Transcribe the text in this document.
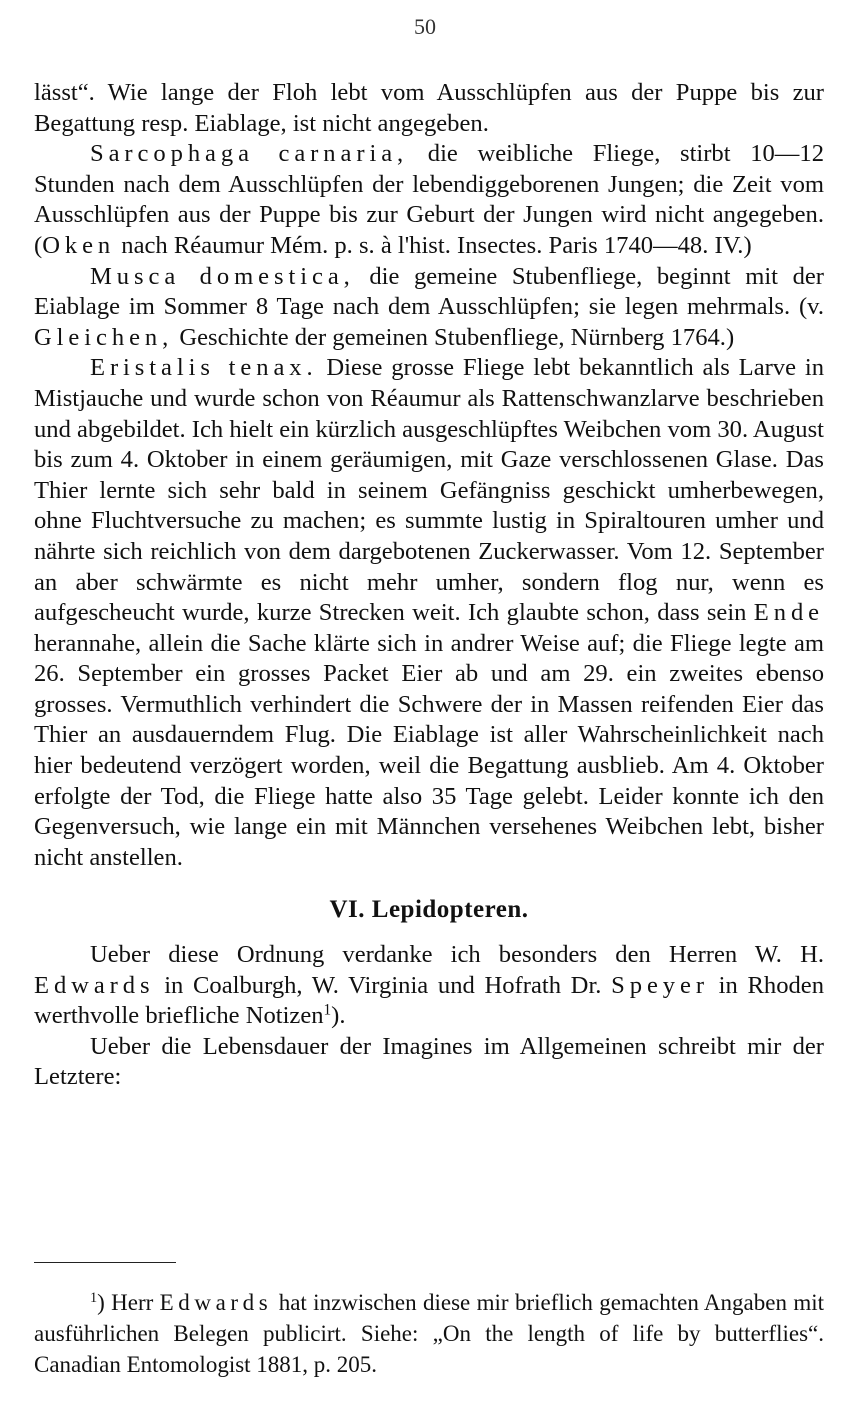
50

lässt“. Wie lange der Floh lebt vom Ausschlüpfen aus der Puppe bis zur Begattung resp. Eiablage, ist nicht angegeben.

Sarcophaga carnaria, die weibliche Fliege, stirbt 10—12 Stunden nach dem Ausschlüpfen der lebendiggeborenen Jungen; die Zeit vom Ausschlüpfen aus der Puppe bis zur Geburt der Jungen wird nicht angegeben. (Oken nach Réaumur Mém. p. s. à l'hist. Insectes. Paris 1740—48. IV.)

Musca domestica, die gemeine Stubenfliege, beginnt mit der Eiablage im Sommer 8 Tage nach dem Ausschlüpfen; sie legen mehrmals. (v. Gleichen, Geschichte der gemeinen Stubenfliege, Nürnberg 1764.)

Eristalis tenax. Diese grosse Fliege lebt bekanntlich als Larve in Mistjauche und wurde schon von Réaumur als Rattenschwanzlarve beschrieben und abgebildet. Ich hielt ein kürzlich ausgeschlüpftes Weibchen vom 30. August bis zum 4. Oktober in einem geräumigen, mit Gaze verschlossenen Glase. Das Thier lernte sich sehr bald in seinem Gefängniss geschickt umherbewegen, ohne Fluchtversuche zu machen; es summte lustig in Spiraltouren umher und nährte sich reichlich von dem dargebotenen Zuckerwasser. Vom 12. September an aber schwärmte es nicht mehr umher, sondern flog nur, wenn es aufgescheucht wurde, kurze Strecken weit. Ich glaubte schon, dass sein Ende herannahe, allein die Sache klärte sich in andrer Weise auf; die Fliege legte am 26. September ein grosses Packet Eier ab und am 29. ein zweites ebenso grosses. Vermuthlich verhindert die Schwere der in Massen reifenden Eier das Thier an ausdauerndem Flug. Die Eiablage ist aller Wahrscheinlichkeit nach hier bedeutend verzögert worden, weil die Begattung ausblieb. Am 4. Oktober erfolgte der Tod, die Fliege hatte also 35 Tage gelebt. Leider konnte ich den Gegenversuch, wie lange ein mit Männchen versehenes Weibchen lebt, bisher nicht anstellen.

VI. Lepidopteren.

Ueber diese Ordnung verdanke ich besonders den Herren W. H. Edwards in Coalburgh, W. Virginia und Hofrath Dr. Speyer in Rhoden werthvolle briefliche Notizen$^1$).

Ueber die Lebensdauer der Imagines im Allgemeinen schreibt mir der Letztere:

$^1$) Herr Edwards hat inzwischen diese mir brieflich gemachten Angaben mit ausführlichen Belegen publicirt. Siehe: „On the length of life by butterflies“. Canadian Entomologist 1881, p. 205.
